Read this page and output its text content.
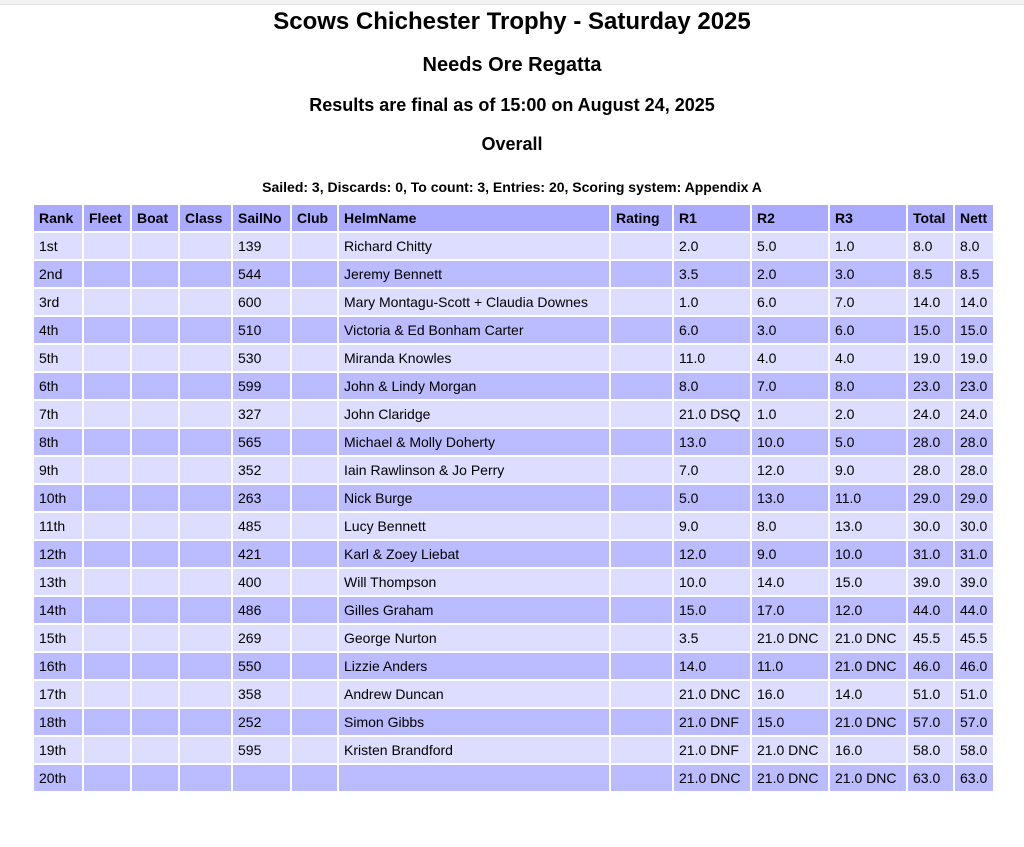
Scows Chichester Trophy - Saturday 2025
Needs Ore Regatta
Results are final as of 15:00 on August 24, 2025
Overall

Sailed: 3, Discards: 0, To count: 3, Entries: 20, Scoring system: Appendix A

Rank	Fleet	Boat	Class	SailNo	Club	HelmName	Rating	R1	R2	R3	Total	Nett
1st				139		Richard Chitty		2.0	5.0	1.0	8.0	8.0
2nd				544		Jeremy Bennett		3.5	2.0	3.0	8.5	8.5
3rd				600		Mary Montagu-Scott + Claudia Downes		1.0	6.0	7.0	14.0	14.0
4th				510		Victoria & Ed Bonham Carter		6.0	3.0	6.0	15.0	15.0
5th				530		Miranda Knowles		11.0	4.0	4.0	19.0	19.0
6th				599		John & Lindy Morgan		8.0	7.0	8.0	23.0	23.0
7th				327		John Claridge		21.0 DSQ	1.0	2.0	24.0	24.0
8th				565		Michael & Molly Doherty		13.0	10.0	5.0	28.0	28.0
9th				352		Iain Rawlinson & Jo Perry		7.0	12.0	9.0	28.0	28.0
10th				263		Nick Burge		5.0	13.0	11.0	29.0	29.0
11th				485		Lucy Bennett		9.0	8.0	13.0	30.0	30.0
12th				421		Karl & Zoey Liebat		12.0	9.0	10.0	31.0	31.0
13th				400		Will Thompson		10.0	14.0	15.0	39.0	39.0
14th				486		Gilles Graham		15.0	17.0	12.0	44.0	44.0
15th				269		George Nurton		3.5	21.0 DNC	21.0 DNC	45.5	45.5
16th				550		Lizzie Anders		14.0	11.0	21.0 DNC	46.0	46.0
17th				358		Andrew Duncan		21.0 DNC	16.0	14.0	51.0	51.0
18th				252		Simon Gibbs		21.0 DNF	15.0	21.0 DNC	57.0	57.0
19th				595		Kristen Brandford		21.0 DNF	21.0 DNC	16.0	58.0	58.0
20th								21.0 DNC	21.0 DNC	21.0 DNC	63.0	63.0
